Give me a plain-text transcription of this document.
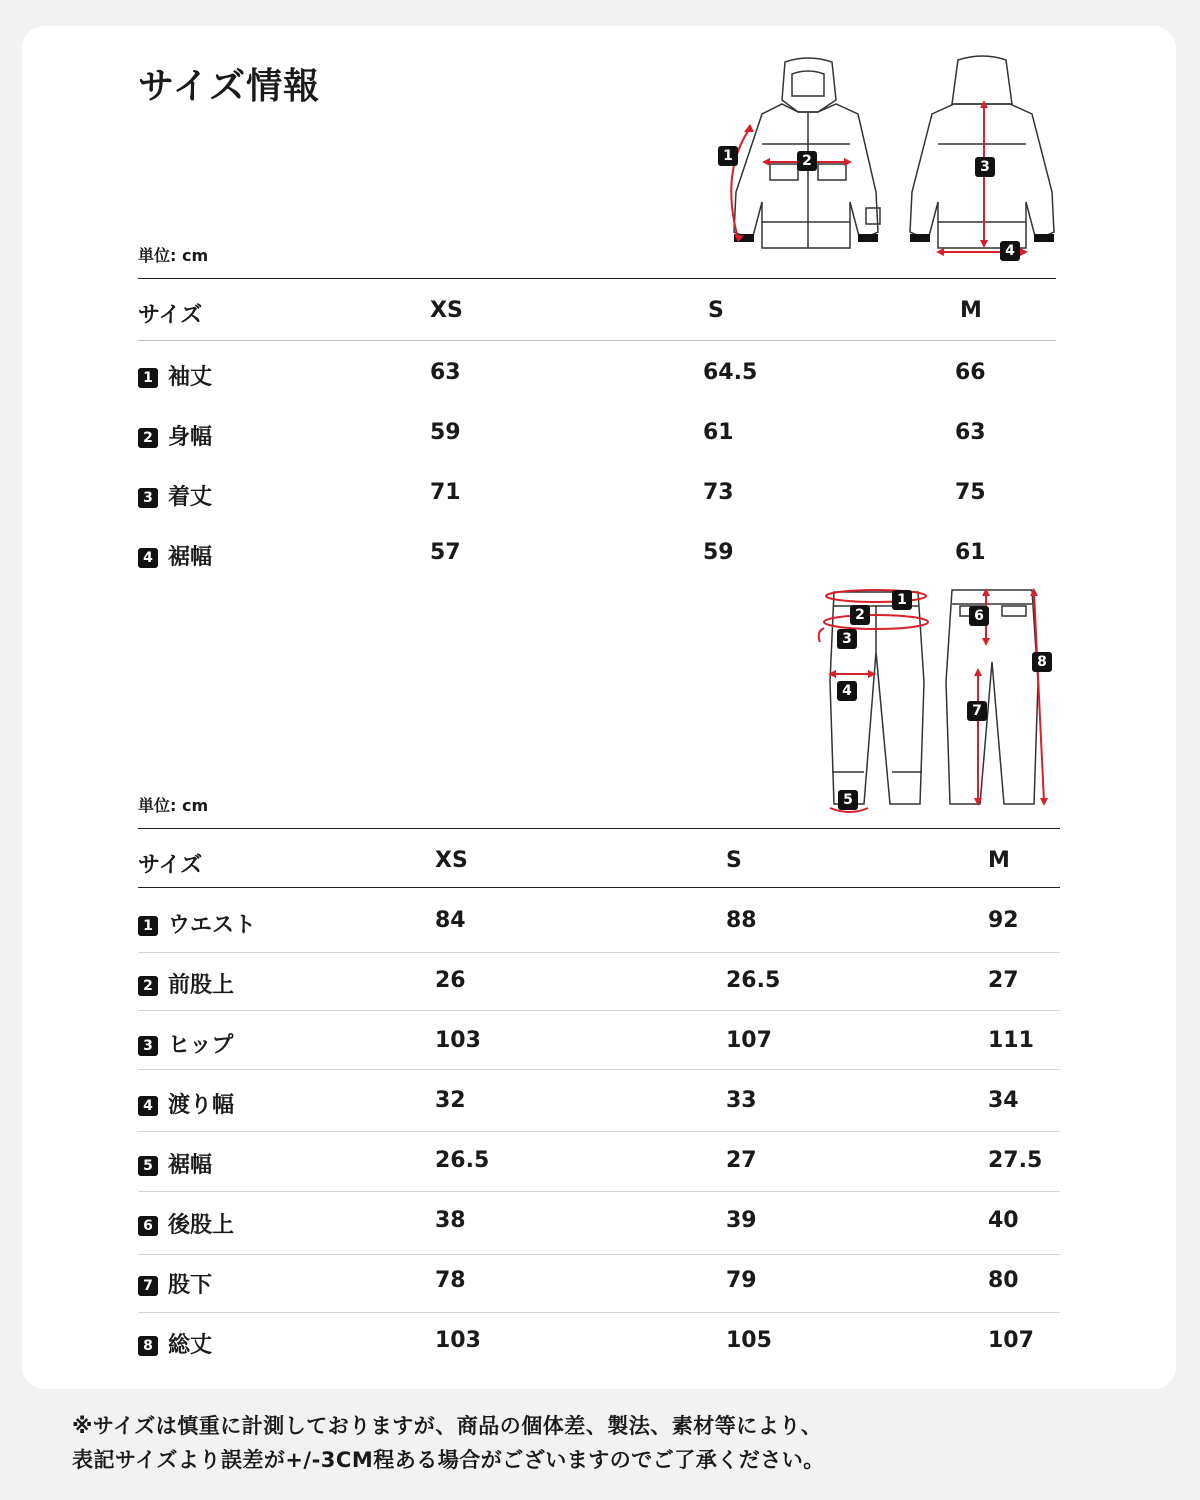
サイズ情報
1	2	3
4
単位: cm
サイズ	XS	S	M
1 袖丈	63	64.5	66
2 身幅	59	61	63
3 着丈	71	73	75
4 裾幅	57	59	61
1
2
3
4
5
6
7
8
単位: cm
サイズ	XS	S	M
1 ウエスト	84	88	92
2 前股上	26	26.5	27
3 ヒップ	103	107	111
4 渡り幅	32	33	34
5 裾幅	26.5	27	27.5
6 後股上	38	39	40
7 股下	78	79	80
8 総丈	103	105	107
※サイズは慎重に計測しておりますが、商品の個体差、製法、素材等により、
表記サイズより誤差が+/-3CM程ある場合がございますのでご了承ください。
